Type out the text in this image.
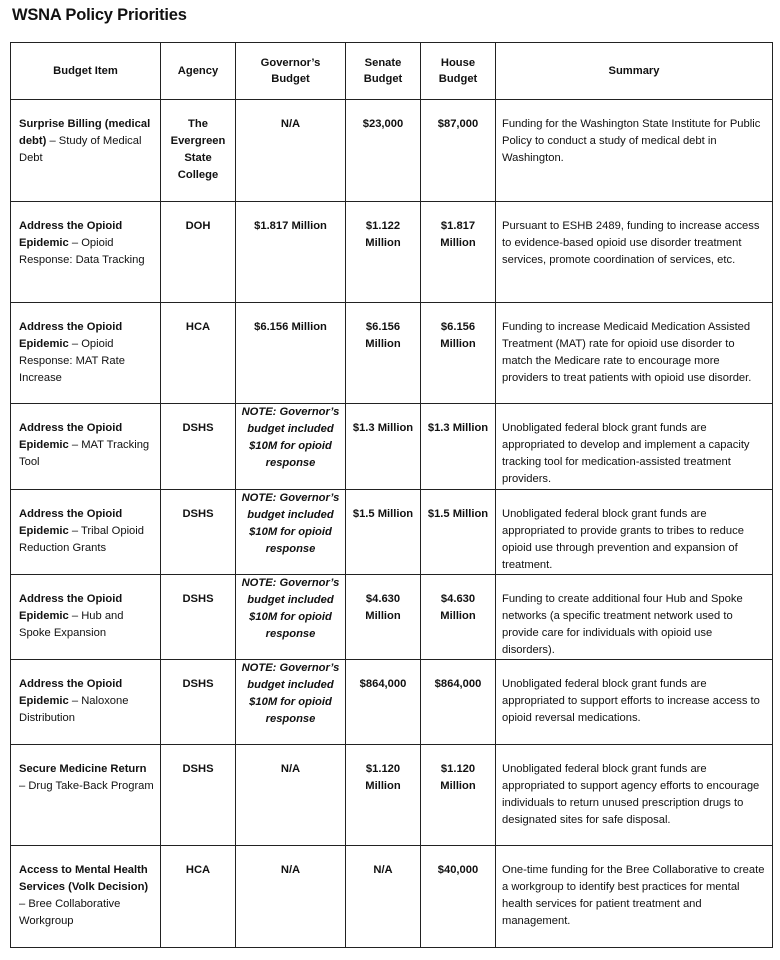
WSNA Policy Priorities
Budget Item	Agency	Governor’s Budget	Senate Budget	House Budget	Summary
Surprise Billing (medical debt) – Study of Medical Debt	The Evergreen State College	N/A	$23,000	$87,000	Funding for the Washington State Institute for Public Policy to conduct a study of medical debt in Washington.
Address the Opioid Epidemic – Opioid Response: Data Tracking	DOH	$1.817 Million	$1.122 Million	$1.817 Million	Pursuant to ESHB 2489, funding to increase access to evidence-based opioid use disorder treatment services, promote coordination of services, etc.
Address the Opioid Epidemic – Opioid Response: MAT Rate Increase	HCA	$6.156 Million	$6.156 Million	$6.156 Million	Funding to increase Medicaid Medication Assisted Treatment (MAT) rate for opioid use disorder to match the Medicare rate to encourage more providers to treat patients with opioid use disorder.
Address the Opioid Epidemic – MAT Tracking Tool	DSHS	NOTE: Governor’s budget included $10M for opioid response	$1.3 Million	$1.3 Million	Unobligated federal block grant funds are appropriated to develop and implement a capacity tracking tool for medication-assisted treatment providers.
Address the Opioid Epidemic – Tribal Opioid Reduction Grants	DSHS	NOTE: Governor’s budget included $10M for opioid response	$1.5 Million	$1.5 Million	Unobligated federal block grant funds are appropriated to provide grants to tribes to reduce opioid use through prevention and expansion of treatment.
Address the Opioid Epidemic – Hub and Spoke Expansion	DSHS	NOTE: Governor’s budget included $10M for opioid response	$4.630 Million	$4.630 Million	Funding to create additional four Hub and Spoke networks (a specific treatment network used to provide care for individuals with opioid use disorders).
Address the Opioid Epidemic – Naloxone Distribution	DSHS	NOTE: Governor’s budget included $10M for opioid response	$864,000	$864,000	Unobligated federal block grant funds are appropriated to support efforts to increase access to opioid reversal medications.
Secure Medicine Return – Drug Take-Back Program	DSHS	N/A	$1.120 Million	$1.120 Million	Unobligated federal block grant funds are appropriated to support agency efforts to encourage individuals to return unused prescription drugs to designated sites for safe disposal.
Access to Mental Health Services (Volk Decision) – Bree Collaborative Workgroup	HCA	N/A	N/A	$40,000	One-time funding for the Bree Collaborative to create a workgroup to identify best practices for mental health services for patient treatment and management.
